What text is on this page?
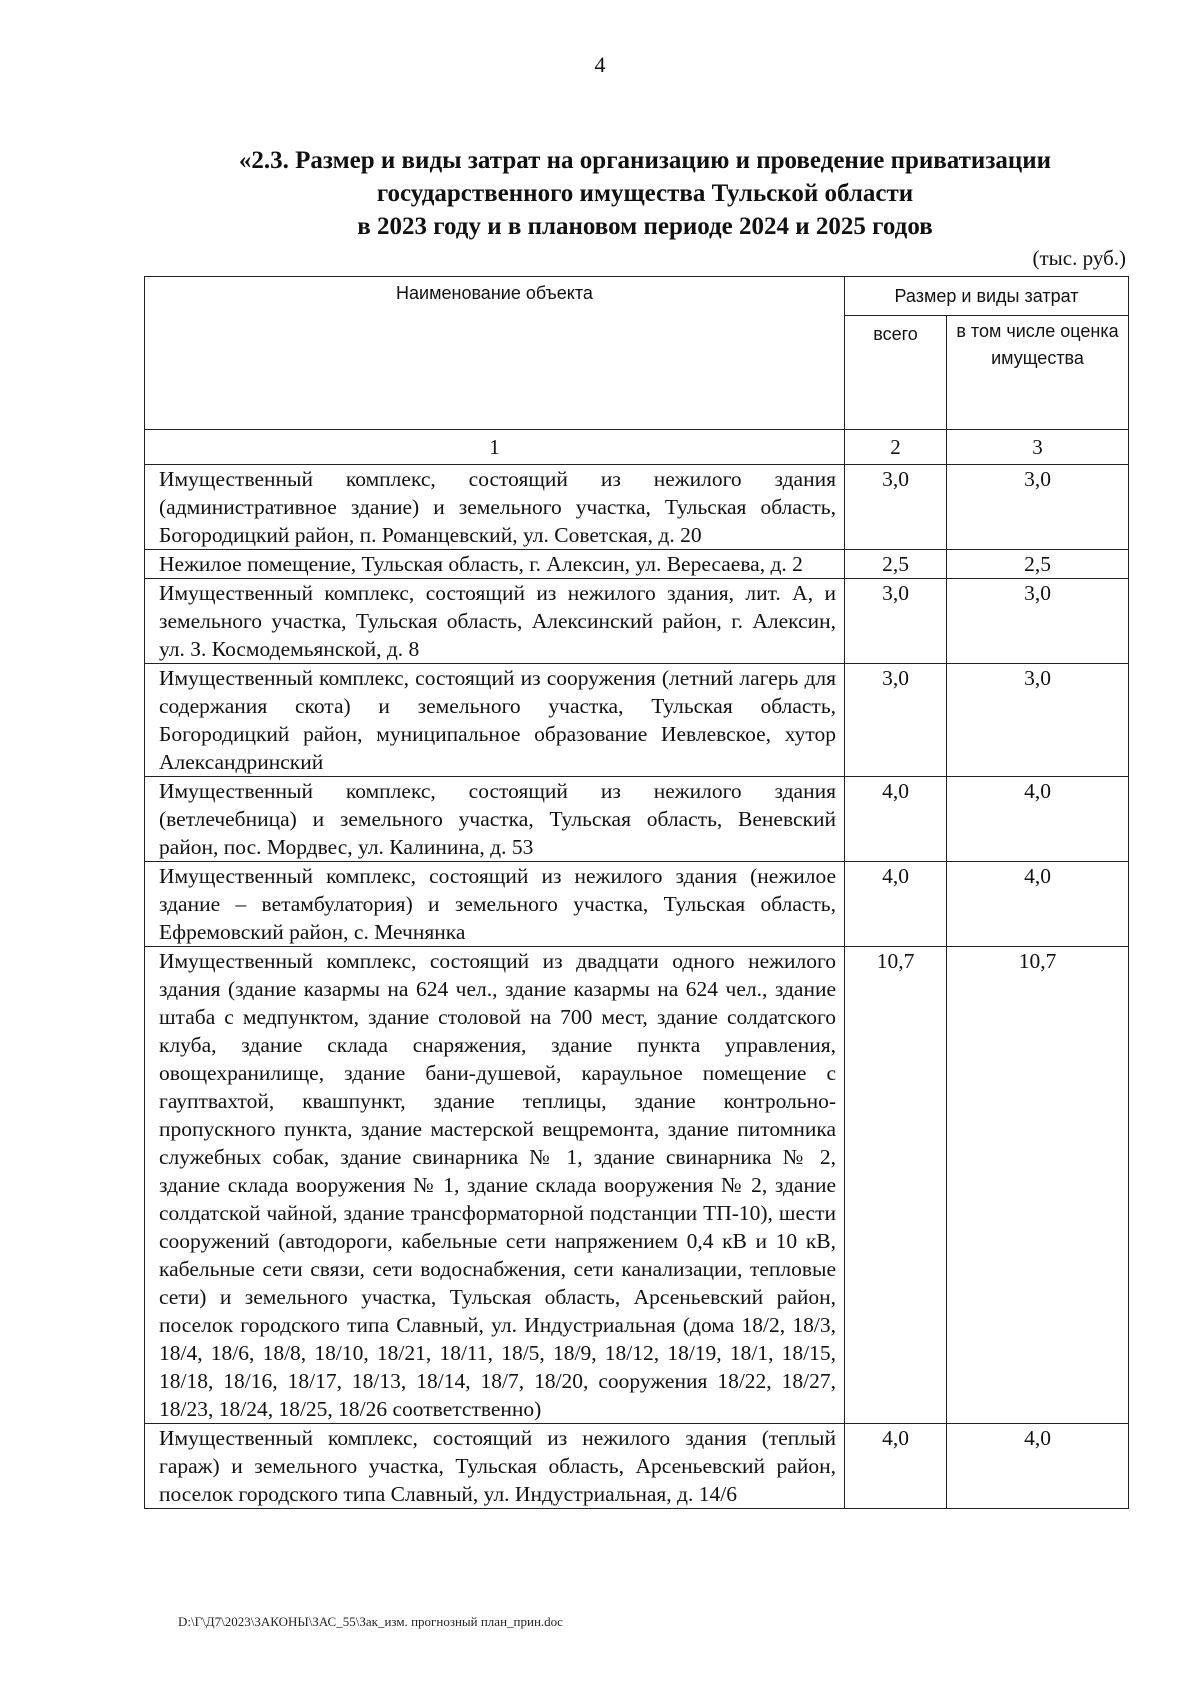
4
«2.3. Размер и виды затрат на организацию и проведение приватизации
государственного имущества Тульской области
в 2023 году и в плановом периоде 2024 и 2025 годов
(тыс. руб.)
Наименование объекта	Размер и виды затрат	
	всего	в том числе оценка имущества
1	2	3
Имущественный комплекс, состоящий из нежилого здания (административное здание) и земельного участка, Тульская область, Богородицкий район, п. Романцевский, ул. Советская, д. 20	3,0	3,0
Нежилое помещение, Тульская область, г. Алексин, ул. Вересаева, д. 2	2,5	2,5
Имущественный комплекс, состоящий из нежилого здания, лит. А, и земельного участка, Тульская область, Алексинский район, г. Алексин, ул. З. Космодемьянской, д. 8	3,0	3,0
Имущественный комплекс, состоящий из сооружения (летний лагерь для содержания скота) и земельного участка, Тульская область, Богородицкий район, муниципальное образование Иевлевское, хутор Александринский	3,0	3,0
Имущественный комплекс, состоящий из нежилого здания (ветлечебница) и земельного участка, Тульская область, Веневский район, пос. Мордвес, ул. Калинина, д. 53	4,0	4,0
Имущественный комплекс, состоящий из нежилого здания (нежилое здание – ветамбулатория) и земельного участка, Тульская область, Ефремовский район, с. Мечнянка	4,0	4,0
Имущественный комплекс, состоящий из двадцати одного нежилого здания (здание казармы на 624 чел., здание казармы на 624 чел., здание штаба с медпунктом, здание столовой на 700 мест, здание солдатского клуба, здание склада снаряжения, здание пункта управления, овощехранилище, здание бани-душевой, караульное помещение с гауптвахтой, квашпункт, здание теплицы, здание контрольно-пропускного пункта, здание мастерской вещремонта, здание питомника служебных собак, здание свинарника № 1, здание свинарника № 2, здание склада вооружения № 1, здание склада вооружения № 2, здание солдатской чайной, здание трансформаторной подстанции ТП-10), шести сооружений (автодороги, кабельные сети напряжением 0,4 кВ и 10 кВ, кабельные сети связи, сети водоснабжения, сети канализации, тепловые сети) и земельного участка, Тульская область, Арсеньевский район, поселок городского типа Славный, ул. Индустриальная (дома 18/2, 18/3, 18/4, 18/6, 18/8, 18/10, 18/21, 18/11, 18/5, 18/9, 18/12, 18/19, 18/1, 18/15, 18/18, 18/16, 18/17, 18/13, 18/14, 18/7, 18/20, сооружения 18/22, 18/27, 18/23, 18/24, 18/25, 18/26 соответственно)	10,7	10,7
Имущественный комплекс, состоящий из нежилого здания (теплый гараж) и земельного участка, Тульская область, Арсеньевский район, поселок городского типа Славный, ул. Индустриальная, д. 14/6	4,0	4,0
D:\Г\Д7\2023\ЗАКОНЫ\ЗАС_55\Зак_изм. прогнозный план_прин.doc
